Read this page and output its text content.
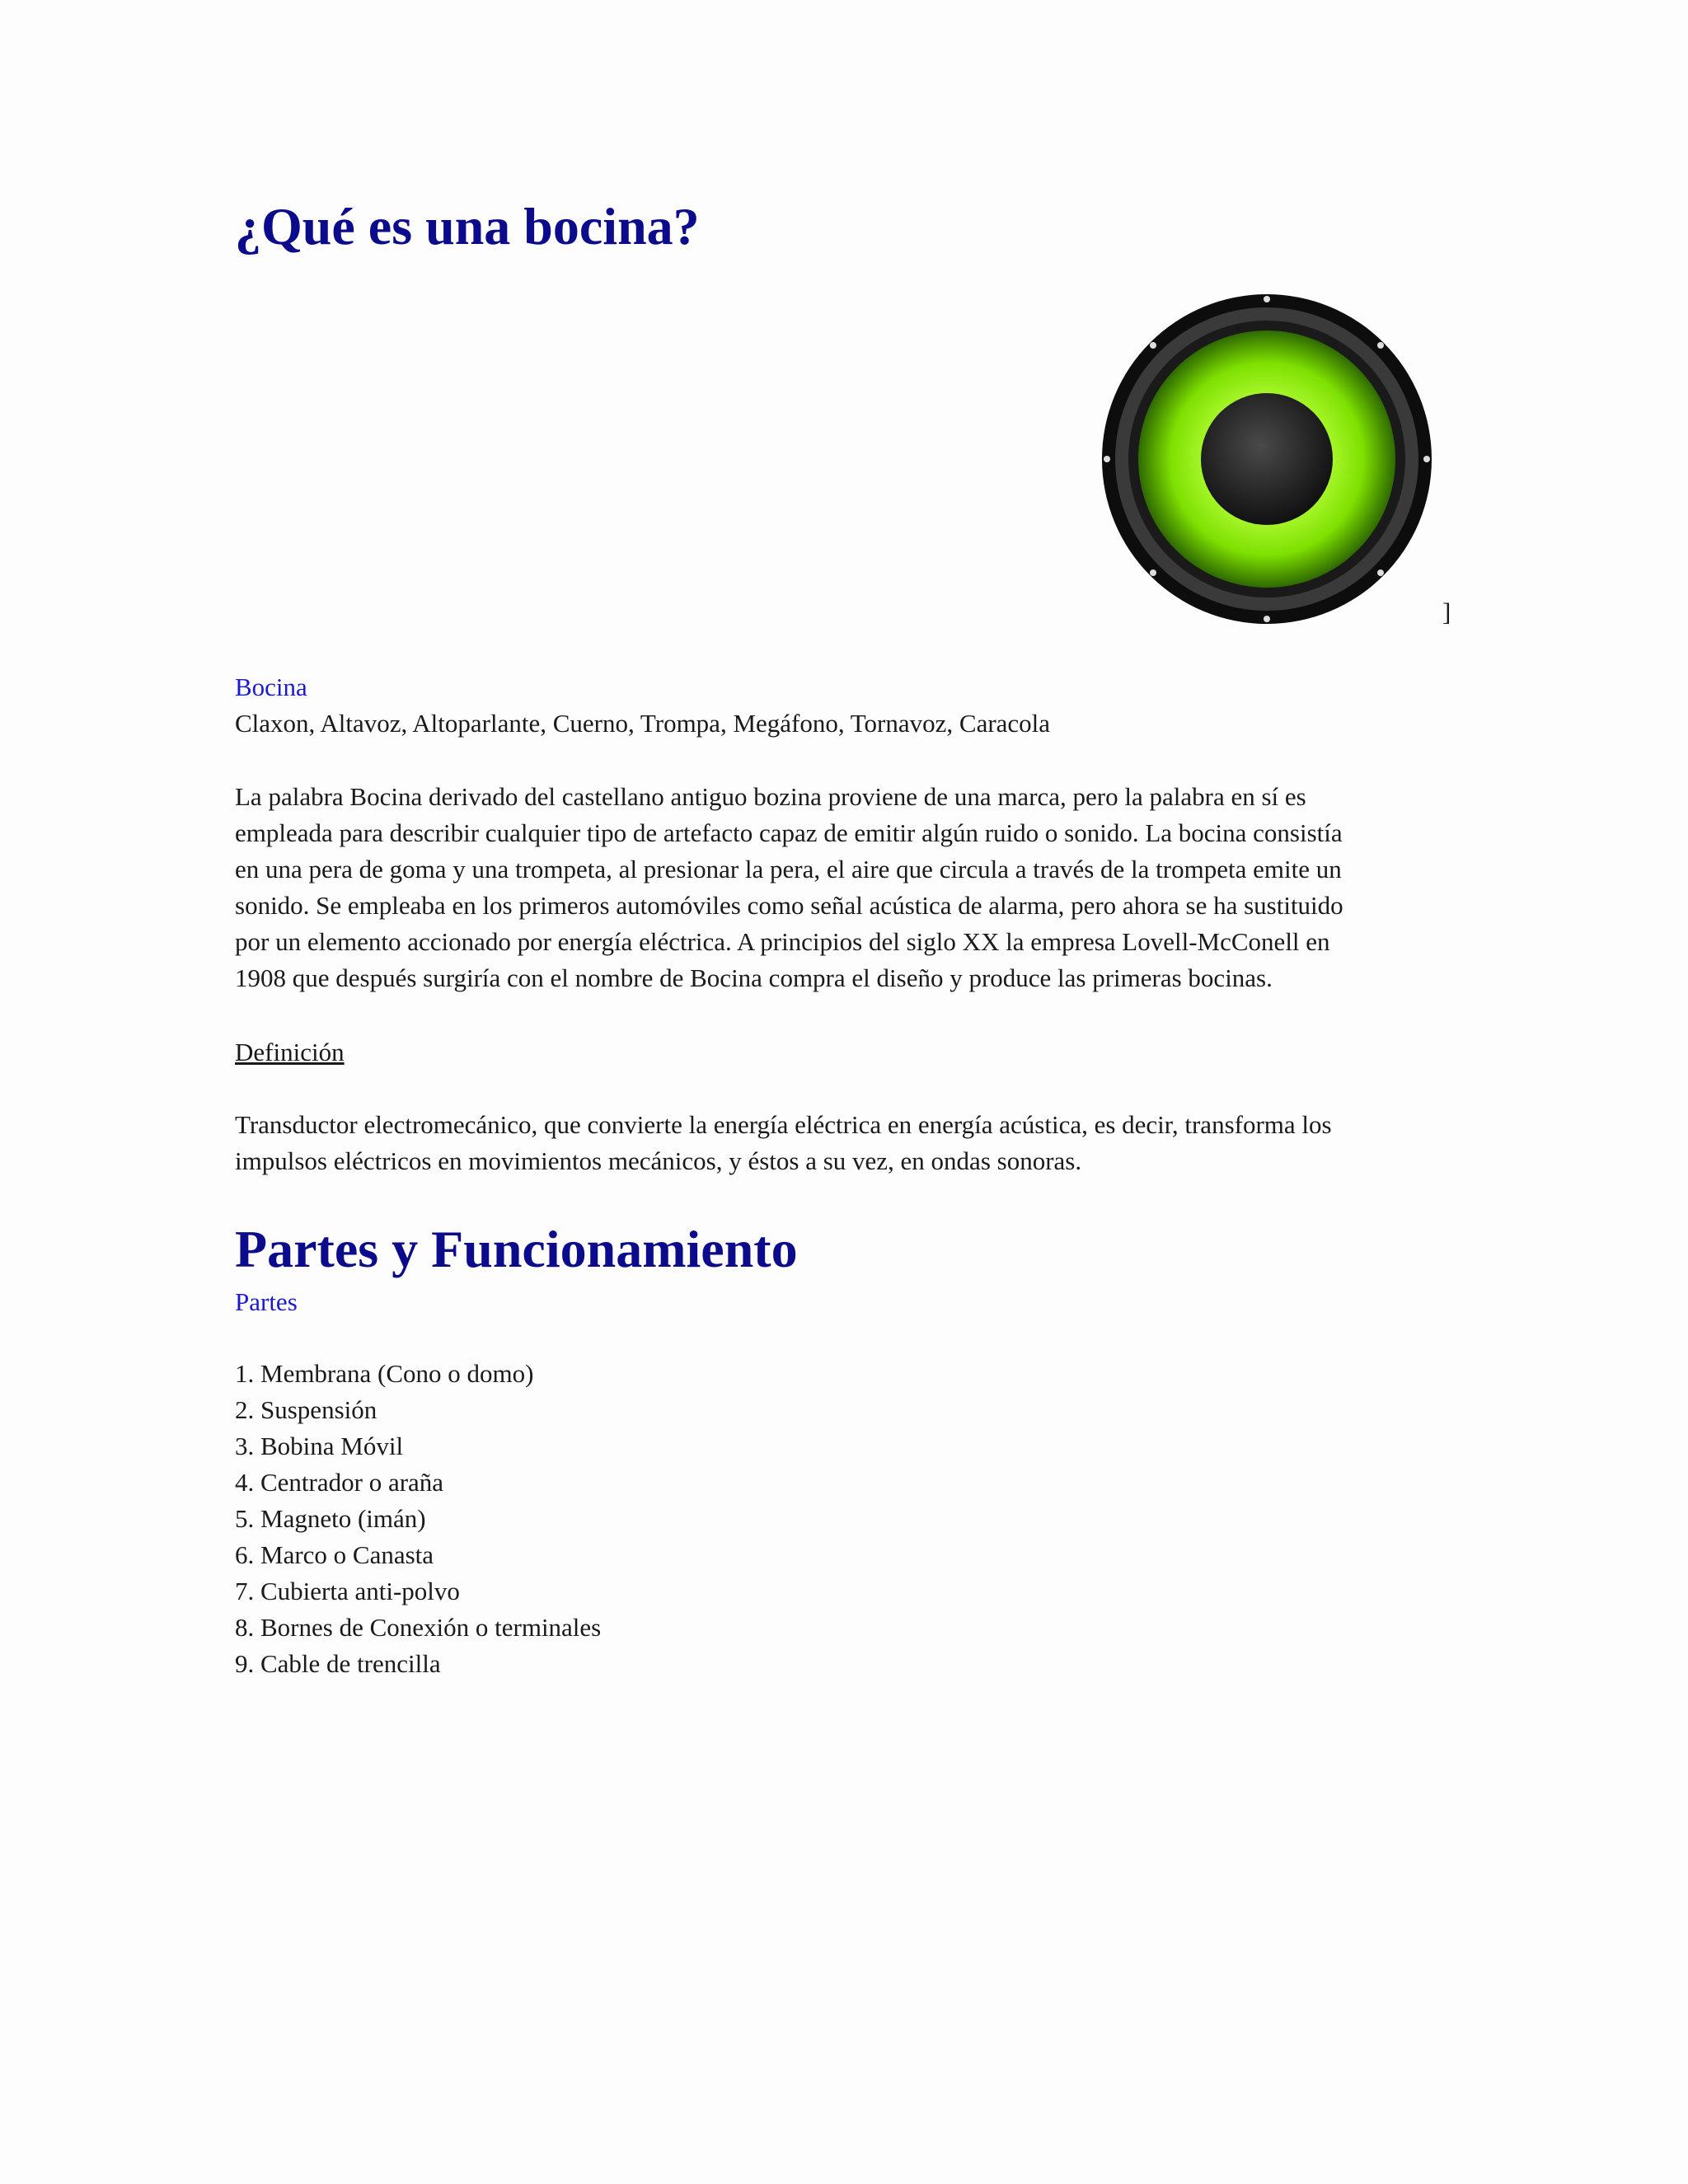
¿Qué es una bocina?
]
Bocina
Claxon, Altavoz, Altoparlante, Cuerno, Trompa, Megáfono, Tornavoz, Caracola
La palabra Bocina derivado del castellano antiguo bozina proviene de una marca, pero la palabra en sí es
empleada para describir cualquier tipo de artefacto capaz de emitir algún ruido o sonido. La bocina consistía
en una pera de goma y una trompeta, al presionar la pera, el aire que circula a través de la trompeta emite un
sonido. Se empleaba en los primeros automóviles como señal acústica de alarma, pero ahora se ha sustituido
por un elemento accionado por energía eléctrica. A principios del siglo XX la empresa Lovell-McConell en
1908 que después surgiría con el nombre de Bocina compra el diseño y produce las primeras bocinas.
Definición
Transductor electromecánico, que convierte la energía eléctrica en energía acústica, es decir, transforma los
impulsos eléctricos en movimientos mecánicos, y éstos a su vez, en ondas sonoras.
Partes y Funcionamiento
Partes
1. Membrana (Cono o domo)
2. Suspensión
3. Bobina Móvil
4. Centrador o araña
5. Magneto (imán)
6. Marco o Canasta
7. Cubierta anti-polvo
8. Bornes de Conexión o terminales
9. Cable de trencilla
